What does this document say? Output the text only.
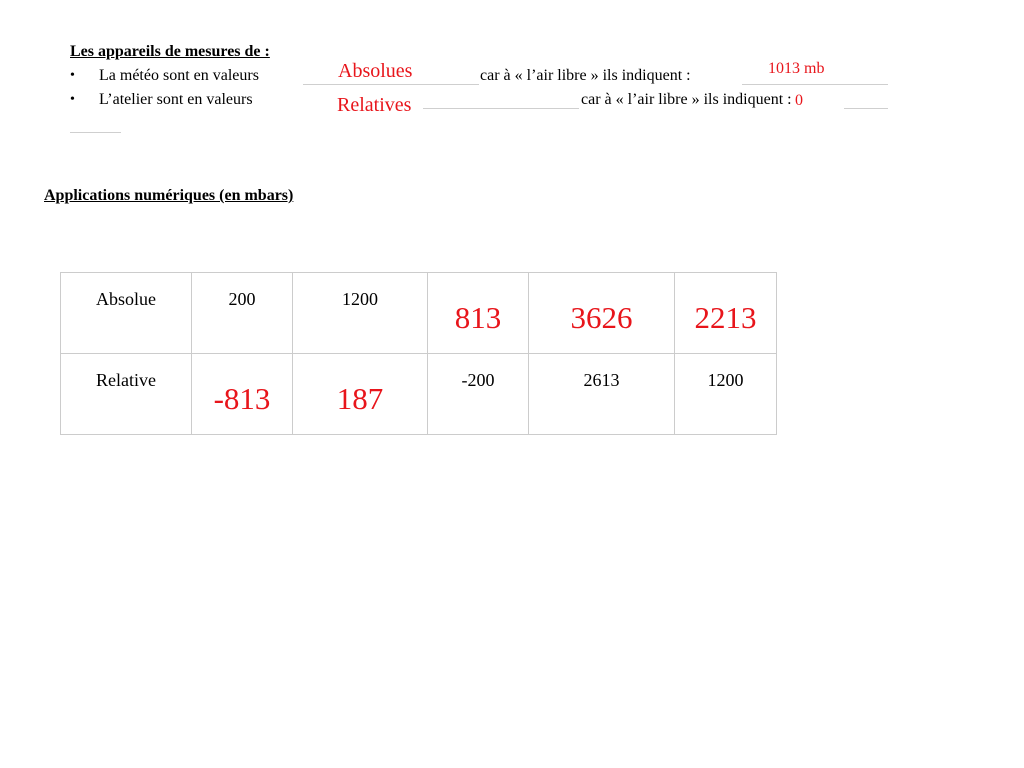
Les appareils de mesures de :
• La météo sont en valeurs	Absolues	car à « l’air libre » ils indiquent :	1013 mb
• L’atelier sont en valeurs	Relatives	car à « l’air libre » ils indiquent : 0
Applications numériques (en mbars)
Absolue	200	1200	813	3626	2213

Relative	-813	187	-200	2613	1200
